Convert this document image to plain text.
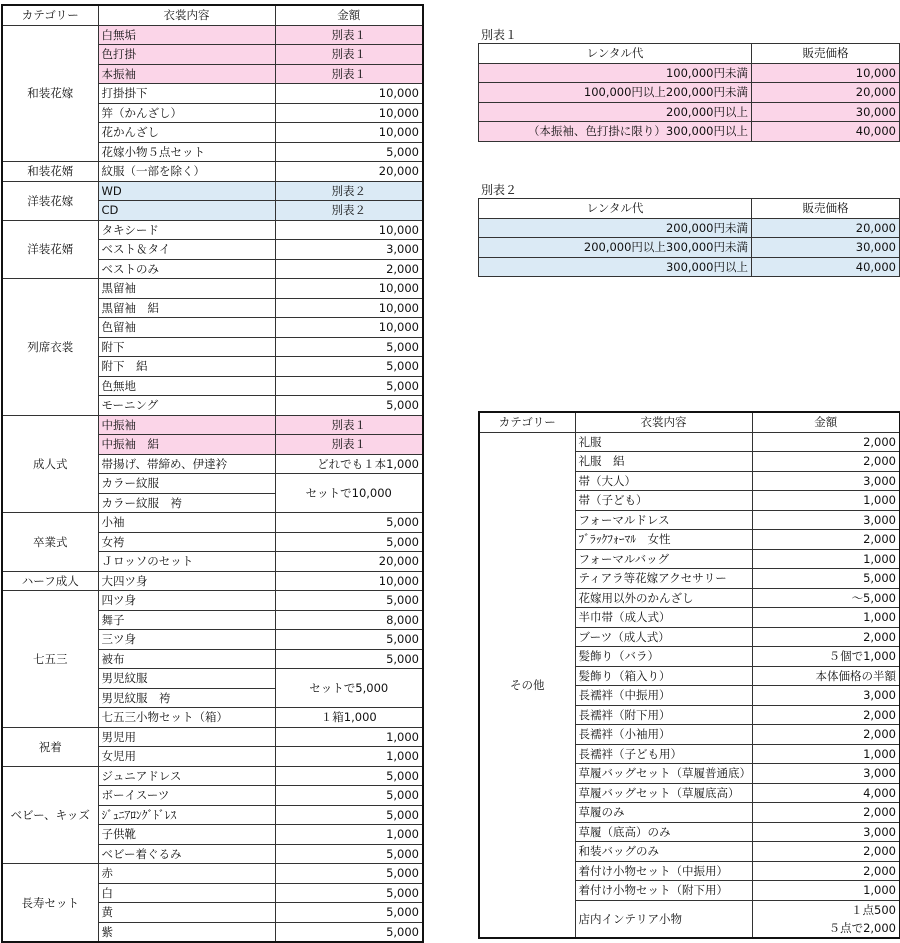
カテゴリー	衣裳内容	金額
和装花嫁	白無垢	別表１
	色打掛	別表１
	本振袖	別表１
	打掛掛下	10,000
	笄（かんざし）	10,000
	花かんざし	10,000
	花嫁小物５点セット	5,000
和装花婿	紋服（一部を除く）	20,000
洋装花嫁	WD	別表２
	CD	別表２
洋装花婿	タキシード	10,000
	ベスト＆タイ	3,000
	ベストのみ	2,000
列席衣裳	黒留袖	10,000
	黒留袖　絽	10,000
	色留袖	10,000
	附下	5,000
	附下　絽	5,000
	色無地	5,000
	モーニング	5,000
成人式	中振袖	別表１
	中振袖　絽	別表１
	帯揚げ、帯締め、伊達衿	どれでも１本1,000
	カラー紋服	セットで10,000
	カラー紋服　袴	
卒業式	小袖	5,000
	女袴	5,000
	Ｊロッソのセット	20,000
ハーフ成人	大四ツ身	10,000
七五三	四ツ身	5,000
	舞子	8,000
	三ツ身	5,000
	被布	5,000
	男児紋服	セットで5,000
	男児紋服　袴	
	七五三小物セット（箱）	１箱1,000
祝着	男児用	1,000
	女児用	1,000
ベビー、キッズ	ジュニアドレス	5,000
	ボーイスーツ	5,000
	ｼﾞｭﾆｱﾛﾝｸﾞﾄﾞﾚｽ	5,000
	子供靴	1,000
	ベビー着ぐるみ	5,000
長寿セット	赤	5,000
	白	5,000
	黄	5,000
	紫	5,000
別表１
レンタル代	販売価格
100,000円未満	10,000
100,000円以上200,000円未満	20,000
200,000円以上	30,000
（本振袖、色打掛に限り）300,000円以上	40,000
別表２
レンタル代	販売価格
200,000円未満	20,000
200,000円以上300,000円未満	30,000
300,000円以上	40,000
カテゴリー	衣裳内容	金額
その他	礼服	2,000
	礼服　絽	2,000
	帯（大人）	3,000
	帯（子ども）	1,000
	フォーマルドレス	3,000
	ﾌﾞﾗｯｸﾌｫｰﾏﾙ　女性	2,000
	フォーマルバッグ	1,000
	ティアラ等花嫁アクセサリー	5,000
	花嫁用以外のかんざし	～5,000
	半巾帯（成人式）	1,000
	ブーツ（成人式）	2,000
	髪飾り（バラ）	５個で1,000
	髪飾り（箱入り）	本体価格の半額
	長襦袢（中振用）	3,000
	長襦袢（附下用）	2,000
	長襦袢（小袖用）	2,000
	長襦袢（子ども用）	1,000
	草履バッグセット（草履普通底）	3,000
	草履バッグセット（草履底高）	4,000
	草履のみ	2,000
	草履（底高）のみ	3,000
	和装バッグのみ	2,000
	着付け小物セット（中振用）	2,000
	着付け小物セット（附下用）	1,000
	店内インテリア小物	１点500
５点で2,000
